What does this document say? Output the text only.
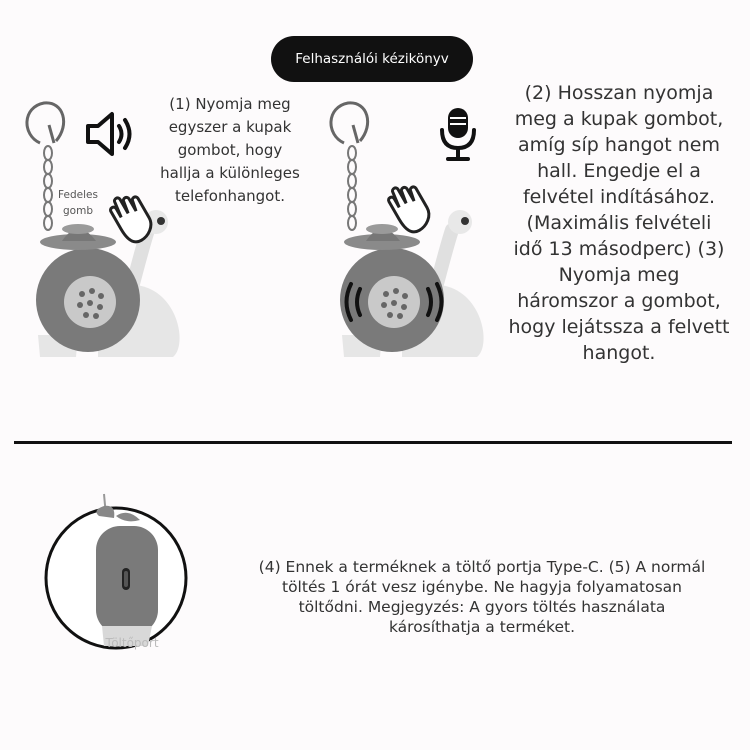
Felhasználói kézikönyv
Fedeles
gomb
(1) Nyomja meg
egyszer a kupak
gombot, hogy
hallja a különleges
telefonhangot.
(2) Hosszan nyomja
meg a kupak gombot,
amíg síp hangot nem
hall. Engedje el a
felvétel indításához.
(Maximális felvételi
idő 13 másodperc) (3)
Nyomja meg
háromszor a gombot,
hogy lejátssza a felvett
hangot.
Töltőport
(4) Ennek a terméknek a töltő portja Type-C. (5) A normál
töltés 1 órát vesz igénybe. Ne hagyja folyamatosan
töltődni. Megjegyzés: A gyors töltés használata
károsíthatja a terméket.
